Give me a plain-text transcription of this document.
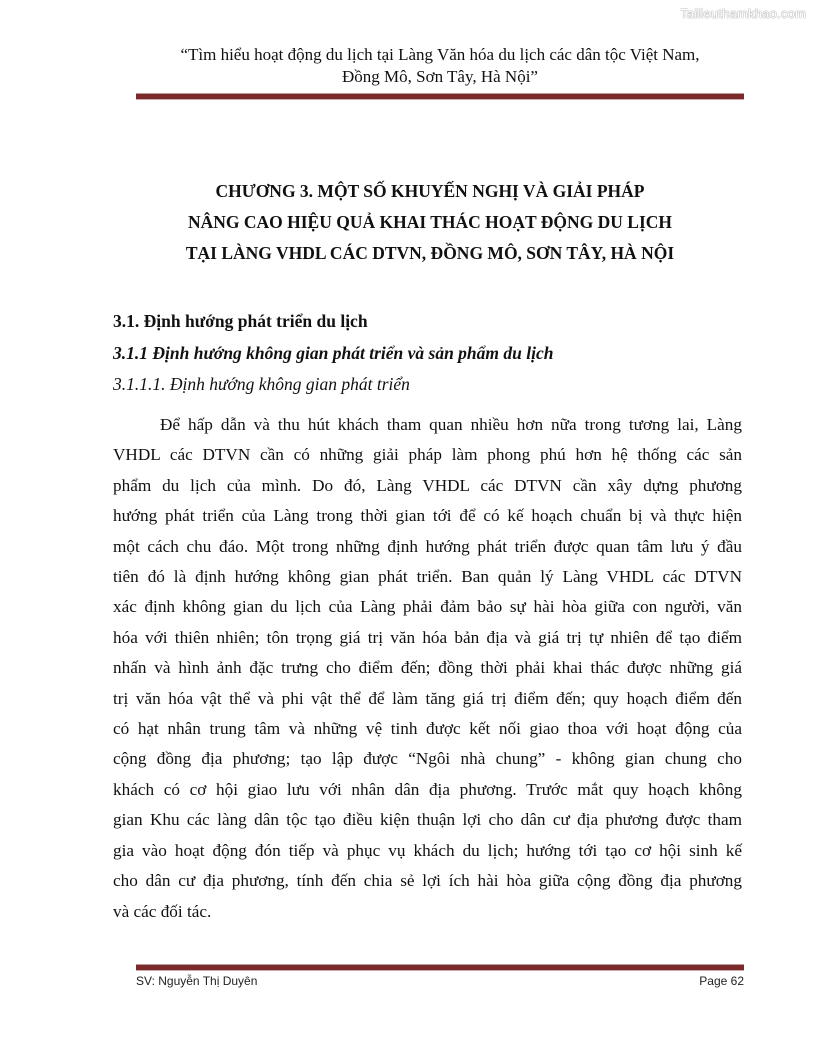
Tailieuthamkhao.com
“Tìm hiểu hoạt động du lịch tại Làng Văn hóa du lịch các dân tộc Việt Nam,
Đồng Mô, Sơn Tây, Hà Nội”
CHƯƠNG 3. MỘT SỐ KHUYẾN NGHỊ VÀ GIẢI PHÁP
NÂNG CAO HIỆU QUẢ KHAI THÁC HOẠT ĐỘNG DU LỊCH
TẠI LÀNG VHDL CÁC DTVN, ĐỒNG MÔ, SƠN TÂY, HÀ NỘI
3.1. Định hướng phát triển du lịch
3.1.1 Định hướng không gian phát triển và sản phẩm du lịch
3.1.1.1. Định hướng không gian phát triển
Để hấp dẫn và thu hút khách tham quan nhiều hơn nữa trong tương lai, Làng
VHDL các DTVN cần có những giải pháp làm phong phú hơn hệ thống các sản
phẩm du lịch của mình. Do đó, Làng VHDL các DTVN cần xây dựng phương
hướng phát triển của Làng trong thời gian tới để có kế hoạch chuẩn bị và thực hiện
một cách chu đáo. Một trong những định hướng phát triển được quan tâm lưu ý đầu
tiên đó là định hướng không gian phát triển. Ban quản lý Làng VHDL các DTVN
xác định không gian du lịch của Làng phải đảm bảo sự hài hòa giữa con người, văn
hóa với thiên nhiên; tôn trọng giá trị văn hóa bản địa và giá trị tự nhiên để tạo điểm
nhấn và hình ảnh đặc trưng cho điểm đến; đồng thời phải khai thác được những giá
trị văn hóa vật thể và phi vật thể để làm tăng giá trị điểm đến; quy hoạch điểm đến
có hạt nhân trung tâm và những vệ tinh được kết nối giao thoa với hoạt động của
cộng đồng địa phương; tạo lập được “Ngôi nhà chung” - không gian chung cho
khách có cơ hội giao lưu với nhân dân địa phương. Trước mắt quy hoạch không
gian Khu các làng dân tộc tạo điều kiện thuận lợi cho dân cư địa phương được tham
gia vào hoạt động đón tiếp và phục vụ khách du lịch; hướng tới tạo cơ hội sinh kế
cho dân cư địa phương, tính đến chia sẻ lợi ích hài hòa giữa cộng đồng địa phương
và các đối tác.
SV: Nguyễn Thị Duyên	Page 62
